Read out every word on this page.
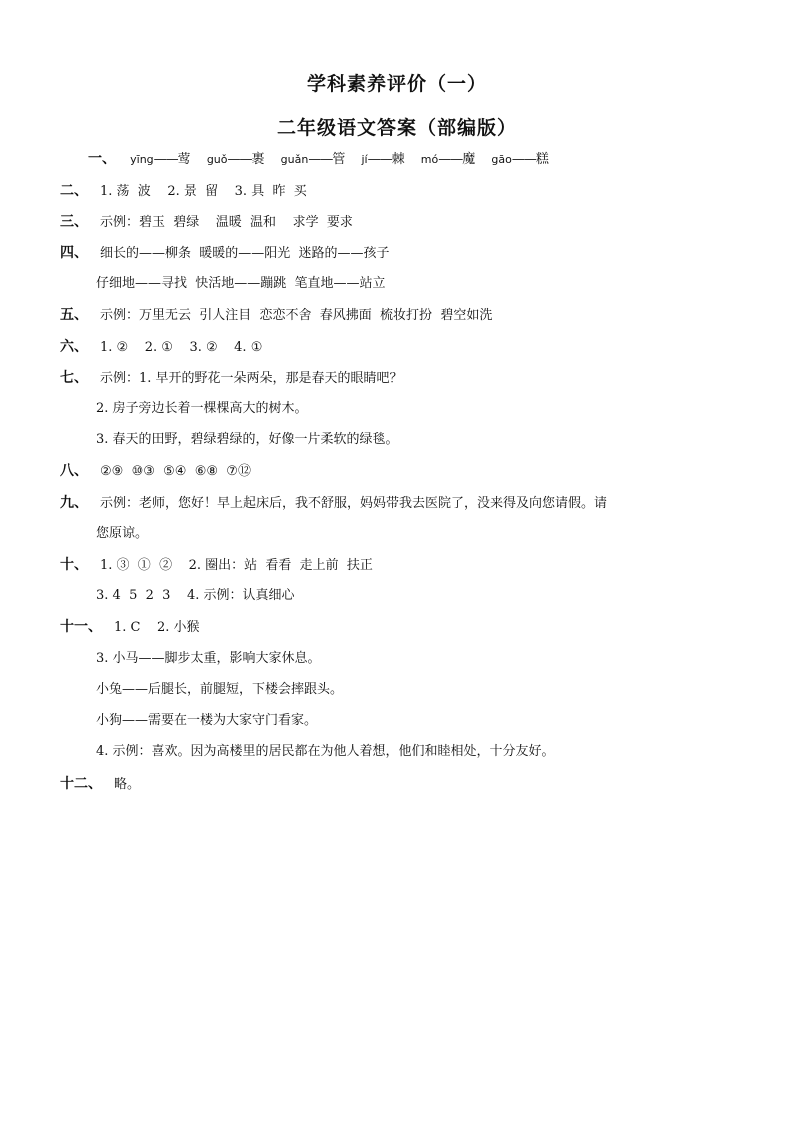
学科素养评价（一）
二年级语文答案（部编版）
一、 yīng——莺 guǒ——裹 guǎn——管 jí——棘 mó——魔 gāo——糕
二、 1. 荡  波    2. 景  留    3. 具  昨  买
三、 示例：碧玉  碧绿    温暖  温和    求学  要求
四、 细长的——柳条  暖暖的——阳光  迷路的——孩子
仔细地——寻找  快活地——蹦跳  笔直地——站立
五、 示例：万里无云  引人注目  恋恋不舍  春风拂面  梳妆打扮  碧空如洗
六、 1. ②    2. ①    3. ②    4. ①
七、 示例：1. 早开的野花一朵两朵，那是春天的眼睛吧？
2. 房子旁边长着一棵棵高大的树木。
3. 春天的田野，碧绿碧绿的，好像一片柔软的绿毯。
八、 ②⑨  ⑩③  ⑤④  ⑥⑧  ⑦⑫
九、 示例：老师，您好！早上起床后，我不舒服，妈妈带我去医院了，没来得及向您请假。请
您原谅。
十、 1. ③  ①  ②    2. 圈出：站  看看  走上前  扶正
3. 4  5  2  3    4. 示例：认真细心
十一、 1. C    2. 小猴
3. 小马——脚步太重，影响大家休息。
小兔——后腿长，前腿短，下楼会摔跟头。
小狗——需要在一楼为大家守门看家。
4. 示例：喜欢。因为高楼里的居民都在为他人着想，他们和睦相处，十分友好。
十二、 略。
